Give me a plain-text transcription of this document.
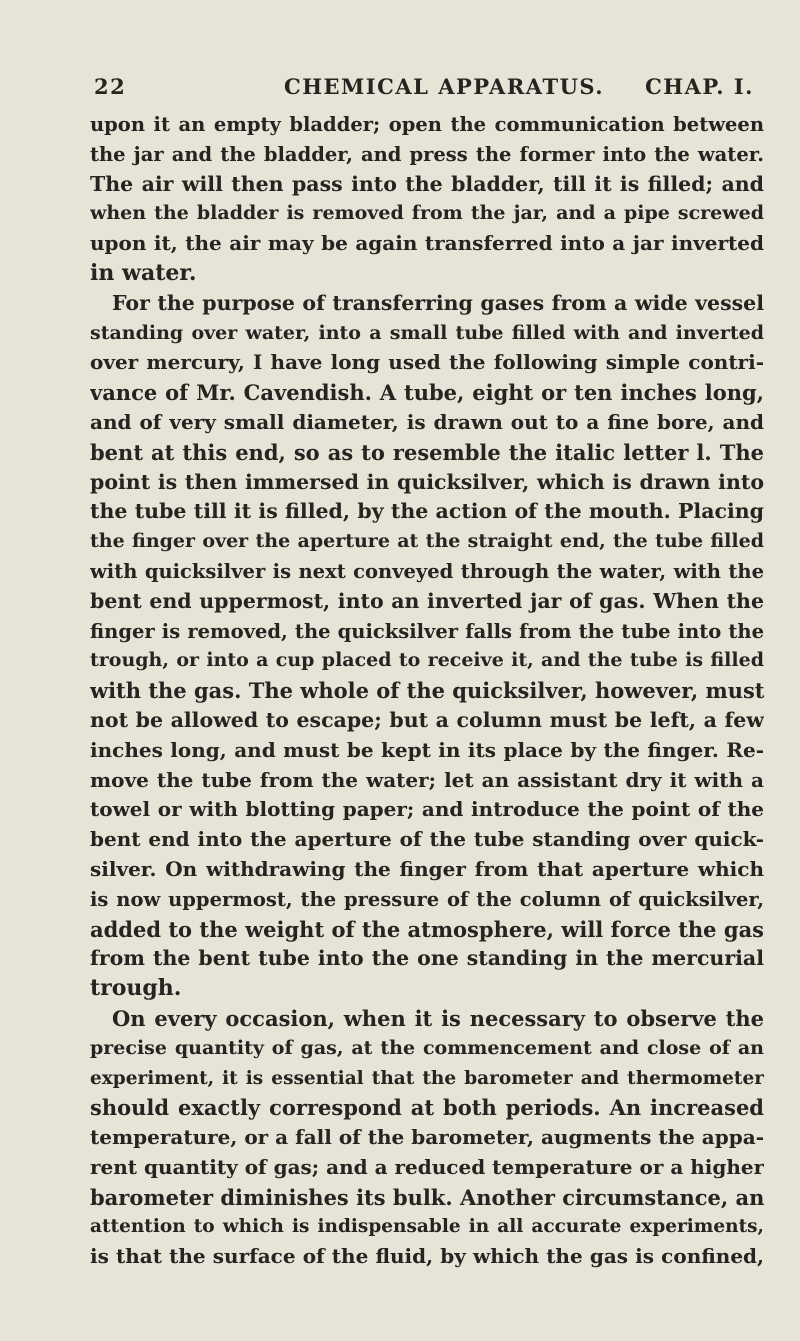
22	CHEMICAL APPARATUS. CHAP. I.
upon it an empty bladder; open the communication between
the jar and the bladder, and press the former into the water.
The air will then pass into the bladder, till it is filled; and
when the bladder is removed from the jar, and a pipe screwed
upon it, the air may be again transferred into a jar inverted
in water.
For the purpose of transferring gases from a wide vessel
standing over water, into a small tube filled with and inverted
over mercury, I have long used the following simple contri-
vance of Mr. Cavendish. A tube, eight or ten inches long,
and of very small diameter, is drawn out to a fine bore, and
bent at this end, so as to resemble the italic letter l. The
point is then immersed in quicksilver, which is drawn into
the tube till it is filled, by the action of the mouth. Placing
the finger over the aperture at the straight end, the tube filled
with quicksilver is next conveyed through the water, with the
bent end uppermost, into an inverted jar of gas. When the
finger is removed, the quicksilver falls from the tube into the
trough, or into a cup placed to receive it, and the tube is filled
with the gas. The whole of the quicksilver, however, must
not be allowed to escape; but a column must be left, a few
inches long, and must be kept in its place by the finger. Re-
move the tube from the water; let an assistant dry it with a
towel or with blotting paper; and introduce the point of the
bent end into the aperture of the tube standing over quick-
silver. On withdrawing the finger from that aperture which
is now uppermost, the pressure of the column of quicksilver,
added to the weight of the atmosphere, will force the gas
from the bent tube into the one standing in the mercurial
trough.
On every occasion, when it is necessary to observe the
precise quantity of gas, at the commencement and close of an
experiment, it is essential that the barometer and thermometer
should exactly correspond at both periods. An increased
temperature, or a fall of the barometer, augments the appa-
rent quantity of gas; and a reduced temperature or a higher
barometer diminishes its bulk. Another circumstance, an
attention to which is indispensable in all accurate experiments,
is that the surface of the fluid, by which the gas is confined,
